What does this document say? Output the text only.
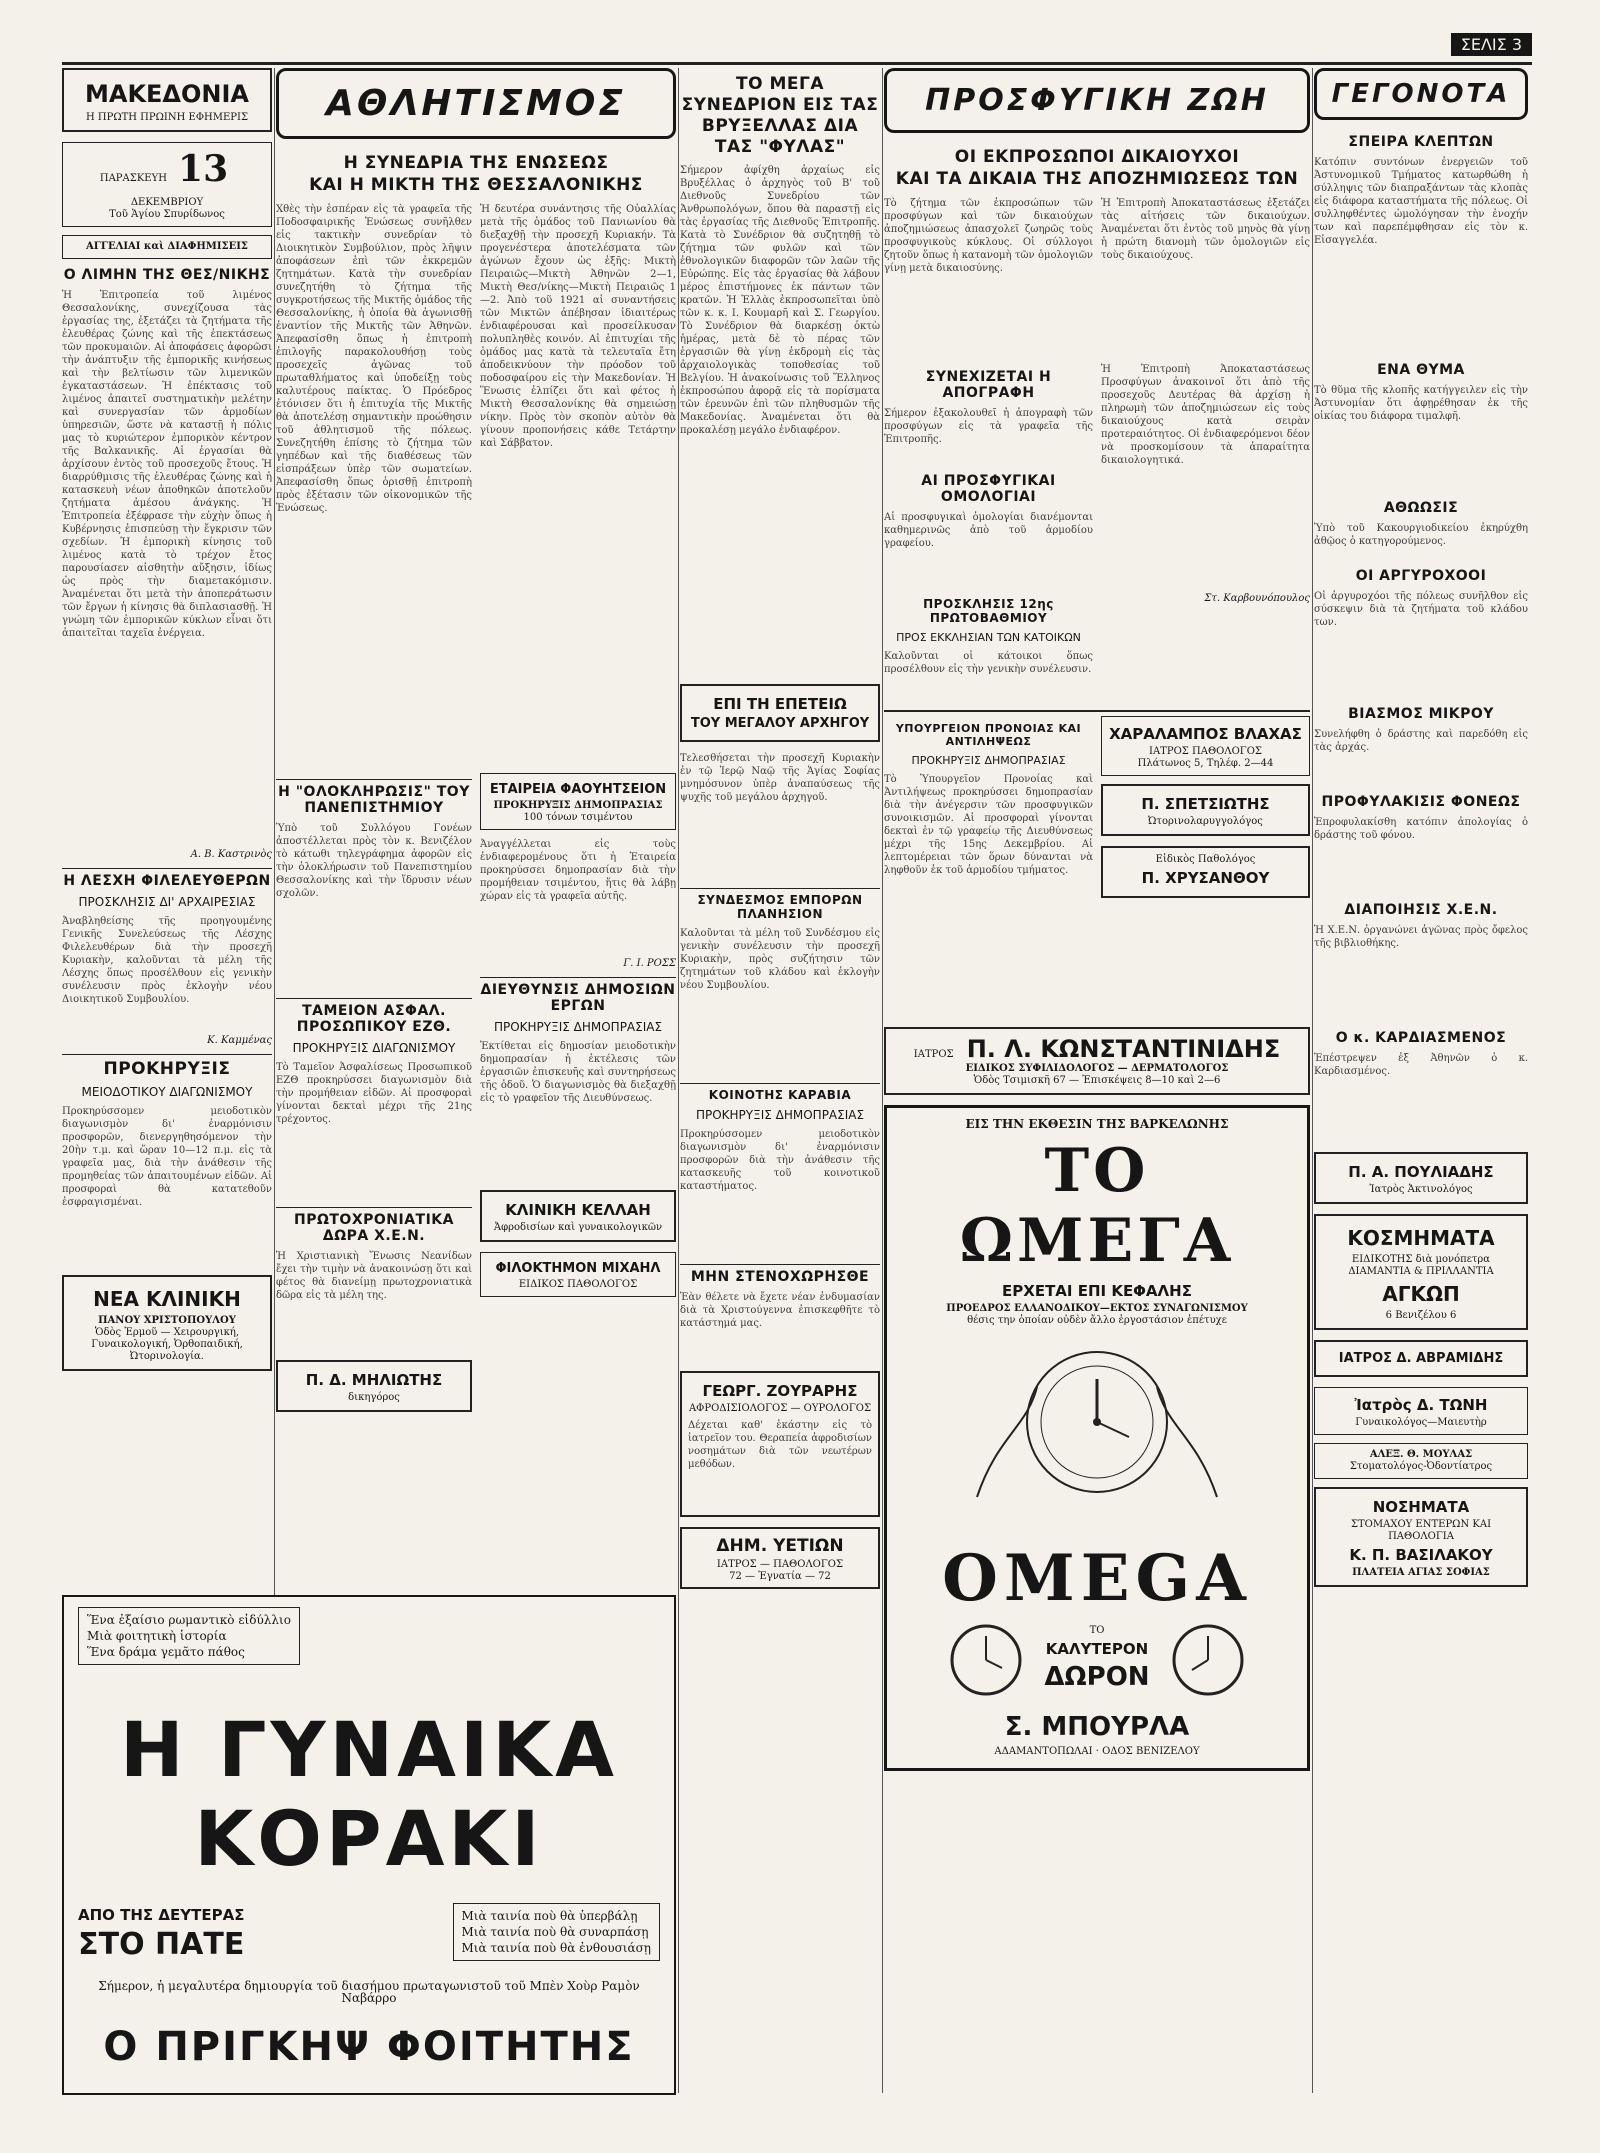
ΣΕΛΙΣ 3
ΜΑΚΕΔΟΝΙΑ
Η ΠΡΩΤΗ ΠΡΩΙΝΗ ΕΦΗΜΕΡΙΣ
ΠΑΡΑΣΚΕΥΗ 13 ΔΕΚΕΜΒΡΙΟΥ
Τοῦ Ἁγίου Σπυρίδωνος
ΑΓΓΕΛΙΑΙ καὶ ΔΙΑΦΗΜΙΣΕΙΣ
Ο ΛΙΜΗΝ ΤΗΣ ΘΕΣ/ΝΙΚΗΣ
Ἡ Ἐπιτροπεία τοῦ λιμένος Θεσσαλονίκης, συνεχίζουσα τὰς ἐργασίας της, ἐξετάζει τὰ ζητήματα τῆς ἐλευθέρας ζώνης καὶ τῆς ἐπεκτάσεως τῶν προκυμαιῶν. Αἱ ἀποφάσεις ἀφορῶσι τὴν ἀνάπτυξιν τῆς ἐμπορικῆς κινήσεως καὶ τὴν βελτίωσιν τῶν λιμενικῶν ἐγκαταστάσεων. Ἡ ἐπέκτασις τοῦ λιμένος ἀπαιτεῖ συστηματικὴν μελέτην καὶ συνεργασίαν τῶν ἁρμοδίων ὑπηρεσιῶν, ὥστε νὰ καταστῇ ἡ πόλις μας τὸ κυριώτερον ἐμπορικὸν κέντρον τῆς Βαλκανικῆς. Αἱ ἐργασίαι θὰ ἀρχίσουν ἐντὸς τοῦ προσεχοῦς ἔτους. Ἡ διαρρύθμισις τῆς ἐλευθέρας ζώνης καὶ ἡ κατασκευὴ νέων ἀποθηκῶν ἀποτελοῦν ζητήματα ἀμέσου ἀνάγκης. Ἡ Ἐπιτροπεία ἐξέφρασε τὴν εὐχὴν ὅπως ἡ Κυβέρνησις ἐπισπεύσῃ τὴν ἔγκρισιν τῶν σχεδίων. Ἡ ἐμπορικὴ κίνησις τοῦ λιμένος κατὰ τὸ τρέχον ἔτος παρουσίασεν αἰσθητὴν αὔξησιν, ἰδίως ὡς πρὸς τὴν διαμετακόμισιν. Ἀναμένεται ὅτι μετὰ τὴν ἀποπεράτωσιν τῶν ἔργων ἡ κίνησις θὰ διπλασιασθῇ. Ἡ γνώμη τῶν ἐμπορικῶν κύκλων εἶναι ὅτι ἀπαιτεῖται ταχεῖα ἐνέργεια.
Α. Β. Καστρινὸς
Η ΛΕΣΧΗ ΦΙΛΕΛΕΥΘΕΡΩΝ
ΠΡΟΣΚΛΗΣΙΣ ΔΙ' ΑΡΧΑΙΡΕΣΙΑΣ
Ἀναβληθείσης τῆς προηγουμένης Γενικῆς Συνελεύσεως τῆς Λέσχης Φιλελευθέρων διὰ τὴν προσεχῆ Κυριακὴν, καλοῦνται τὰ μέλη τῆς Λέσχης ὅπως προσέλθουν εἰς γενικὴν συνέλευσιν πρὸς ἐκλογὴν νέου Διοικητικοῦ Συμβουλίου.
Κ. Καμμένας
ΠΡΟΚΗΡΥΞΙΣ
ΜΕΙΟΔΟΤΙΚΟΥ ΔΙΑΓΩΝΙΣΜΟΥ
Προκηρύσσομεν μειοδοτικὸν διαγωνισμὸν δι' ἐναρμόνισιν προσφορῶν, διενεργηθησόμενον τὴν 20ὴν τ.μ. καὶ ὥραν 10—12 π.μ. εἰς τὰ γραφεῖα μας, διὰ τὴν ἀνάθεσιν τῆς προμηθείας τῶν ἀπαιτουμένων εἰδῶν. Αἱ προσφοραὶ θὰ κατατεθοῦν ἐσφραγισμέναι.
ΝΕΑ ΚΛΙΝΙΚΗ
ΠΑΝΟΥ ΧΡΙΣΤΟΠΟΥΛΟΥ
Ὁδὸς Ἐρμοῦ — Χειρουργική, Γυναικολογική, Ὀρθοπαιδική, Ὠτορινολογία.
ΑΘΛΗΤΙΣΜΟΣ
Η ΣΥΝΕΔΡΙΑ ΤΗΣ ΕΝΩΣΕΩΣ
ΚΑΙ Η ΜΙΚΤΗ ΤΗΣ ΘΕΣΣΑΛΟΝΙΚΗΣ
Χθὲς τὴν ἑσπέραν εἰς τὰ γραφεῖα τῆς Ποδοσφαιρικῆς Ἑνώσεως συνῆλθεν εἰς τακτικὴν συνεδρίαν τὸ Διοικητικὸν Συμβούλιον, πρὸς λῆψιν ἀποφάσεων ἐπὶ τῶν ἐκκρεμῶν ζητημάτων. Κατὰ τὴν συνεδρίαν συνεζητήθη τὸ ζήτημα τῆς συγκροτήσεως τῆς Μικτῆς ὁμάδος τῆς Θεσσαλονίκης, ἡ ὁποία θὰ ἀγωνισθῇ ἐναντίον τῆς Μικτῆς τῶν Ἀθηνῶν. Ἀπεφασίσθη ὅπως ἡ ἐπιτροπὴ ἐπιλογῆς παρακολουθήσῃ τοὺς προσεχεῖς ἀγῶνας τοῦ πρωταθλήματος καὶ ὑποδείξῃ τοὺς καλυτέρους παίκτας. Ὁ Πρόεδρος ἐτόνισεν ὅτι ἡ ἐπιτυχία τῆς Μικτῆς θὰ ἀποτελέσῃ σημαντικὴν προώθησιν τοῦ ἀθλητισμοῦ τῆς πόλεως. Συνεζητήθη ἐπίσης τὸ ζήτημα τῶν γηπέδων καὶ τῆς διαθέσεως τῶν εἰσπράξεων ὑπὲρ τῶν σωματείων. Ἀπεφασίσθη ὅπως ὁρισθῇ ἐπιτροπὴ πρὸς ἐξέτασιν τῶν οἰκονομικῶν τῆς Ἑνώσεως.
Ἡ δευτέρα συνάντησις τῆς Οὐαλλίας μετὰ τῆς ὁμάδος τοῦ Πανιωνίου θὰ διεξαχθῇ τὴν προσεχῆ Κυριακήν. Τὰ προγενέστερα ἀποτελέσματα τῶν ἀγώνων ἔχουν ὡς ἑξῆς: Μικτὴ Πειραιῶς—Μικτὴ Ἀθηνῶν 2—1, Μικτὴ Θεσ/νίκης—Μικτὴ Πειραιῶς 1—2. Ἀπὸ τοῦ 1921 αἱ συναντήσεις τῶν Μικτῶν ἀπέβησαν ἰδιαιτέρως ἐνδιαφέρουσαι καὶ προσείλκυσαν πολυπληθὲς κοινόν. Αἱ ἐπιτυχίαι τῆς ὁμάδος μας κατὰ τὰ τελευταῖα ἔτη ἀποδεικνύουν τὴν πρόοδον τοῦ ποδοσφαίρου εἰς τὴν Μακεδονίαν. Ἡ Ἕνωσις ἐλπίζει ὅτι καὶ φέτος ἡ Μικτὴ Θεσσαλονίκης θὰ σημειώσῃ νίκην. Πρὸς τὸν σκοπὸν αὐτὸν θὰ γίνουν προπονήσεις κάθε Τετάρτην καὶ Σάββατον.
Η "ΟΛΟΚΛΗΡΩΣΙΣ" ΤΟΥ ΠΑΝΕΠΙΣΤΗΜΙΟΥ
Ὑπὸ τοῦ Συλλόγου Γονέων ἀποστέλλεται πρὸς τὸν κ. Βενιζέλον τὸ κάτωθι τηλεγράφημα ἀφορῶν εἰς τὴν ὁλοκλήρωσιν τοῦ Πανεπιστημίου Θεσσαλονίκης καὶ τὴν ἵδρυσιν νέων σχολῶν.
ΤΑΜΕΙΟΝ ΑΣΦΑΛ. ΠΡΟΣΩΠΙΚΟΥ ΕΖΘ.
ΠΡΟΚΗΡΥΞΙΣ ΔΙΑΓΩΝΙΣΜΟΥ
Τὸ Ταμεῖον Ἀσφαλίσεως Προσωπικοῦ ΕΖΘ προκηρύσσει διαγωνισμὸν διὰ τὴν προμήθειαν εἰδῶν. Αἱ προσφοραὶ γίνονται δεκταὶ μέχρι τῆς 21ης τρέχοντος.
ΠΡΩΤΟΧΡΟΝΙΑΤΙΚΑ ΔΩΡΑ Χ.Ε.Ν.
Ἡ Χριστιανικὴ Ἕνωσις Νεανίδων ἔχει τὴν τιμὴν νὰ ἀνακοινώσῃ ὅτι καὶ φέτος θὰ διανείμῃ πρωτοχρονιατικὰ δῶρα εἰς τὰ μέλη της.
Π. Δ. ΜΗΛΙΩΤΗΣ
δικηγόρος
ΕΤΑΙΡΕΙΑ ΦΑΟΥΗΤΣΕΙΟΝ
ΠΡΟΚΗΡΥΞΙΣ ΔΗΜΟΠΡΑΣΙΑΣ
100 τόνων τσιμέντου
Ἀναγγέλλεται εἰς τοὺς ἐνδιαφερομένους ὅτι ἡ Ἑταιρεία προκηρύσσει δημοπρασίαν διὰ τὴν προμήθειαν τσιμέντου, ἥτις θὰ λάβῃ χώραν εἰς τὰ γραφεῖα αὐτῆς.
Γ. Ι. ΡΟΣΣ
ΔΙΕΥΘΥΝΣΙΣ ΔΗΜΟΣΙΩΝ ΕΡΓΩΝ
ΠΡΟΚΗΡΥΞΙΣ ΔΗΜΟΠΡΑΣΙΑΣ
Ἐκτίθεται εἰς δημοσίαν μειοδοτικὴν δημοπρασίαν ἡ ἐκτέλεσις τῶν ἐργασιῶν ἐπισκευῆς καὶ συντηρήσεως τῆς ὁδοῦ. Ὁ διαγωνισμὸς θὰ διεξαχθῇ εἰς τὸ γραφεῖον τῆς Διευθύνσεως.
ΚΛΙΝΙΚΗ ΚΕΛΛΑΗ
Ἀφροδισίων καὶ γυναικολογικῶν
ΦΙΛΟΚΤΗΜΟΝ ΜΙΧΑΗΛ
ΕΙΔΙΚΟΣ ΠΑΘΟΛΟΓΟΣ
ΤΟ ΜΕΓΑ ΣΥΝΕΔΡΙΟΝ ΕΙΣ ΤΑΣ ΒΡΥΞΕΛΛΑΣ ΔΙΑ ΤΑΣ "ΦΥΛΑΣ"
Σήμερον ἀφίχθη ἀρχαίως εἰς Βρυξέλλας ὁ ἀρχηγὸς τοῦ Β' τοῦ Διεθνοῦς Συνεδρίου τῶν Ἀνθρωπολόγων, ὅπου θὰ παραστῇ εἰς τὰς ἐργασίας τῆς Διεθνοῦς Ἐπιτροπῆς. Κατὰ τὸ Συνέδριον θὰ συζητηθῇ τὸ ζήτημα τῶν φυλῶν καὶ τῶν ἐθνολογικῶν διαφορῶν τῶν λαῶν τῆς Εὐρώπης. Εἰς τὰς ἐργασίας θὰ λάβουν μέρος ἐπιστήμονες ἐκ πάντων τῶν κρατῶν. Ἡ Ἑλλὰς ἐκπροσωπεῖται ὑπὸ τῶν κ. κ. Ι. Κουμαρῆ καὶ Σ. Γεωργίου. Τὸ Συνέδριον θὰ διαρκέσῃ ὀκτὼ ἡμέρας, μετὰ δὲ τὸ πέρας τῶν ἐργασιῶν θὰ γίνῃ ἐκδρομὴ εἰς τὰς ἀρχαιολογικὰς τοποθεσίας τοῦ Βελγίου. Ἡ ἀνακοίνωσις τοῦ Ἕλληνος ἐκπροσώπου ἀφορᾷ εἰς τὰ πορίσματα τῶν ἐρευνῶν ἐπὶ τῶν πληθυσμῶν τῆς Μακεδονίας. Ἀναμένεται ὅτι θὰ προκαλέσῃ μεγάλο ἐνδιαφέρον.
ΕΠΙ ΤΗ ΕΠΕΤΕΙΩ
ΤΟΥ ΜΕΓΑΛΟΥ ΑΡΧΗΓΟΥ
Τελεσθήσεται τὴν προσεχῆ Κυριακὴν ἐν τῷ Ἱερῷ Ναῷ τῆς Ἁγίας Σοφίας μνημόσυνον ὑπὲρ ἀναπαύσεως τῆς ψυχῆς τοῦ μεγάλου ἀρχηγοῦ.
ΣΥΝΔΕΣΜΟΣ ΕΜΠΟΡΩΝ ΠΛΑΝΗΣΙΟΝ
Καλοῦνται τὰ μέλη τοῦ Συνδέσμου εἰς γενικὴν συνέλευσιν τὴν προσεχῆ Κυριακὴν, πρὸς συζήτησιν τῶν ζητημάτων τοῦ κλάδου καὶ ἐκλογὴν νέου Συμβουλίου.
ΚΟΙΝΟΤΗΣ ΚΑΡΑΒΙΑ
ΠΡΟΚΗΡΥΞΙΣ ΔΗΜΟΠΡΑΣΙΑΣ
Προκηρύσσομεν μειοδοτικὸν διαγωνισμὸν δι' ἐναρμόνισιν προσφορῶν διὰ τὴν ἀνάθεσιν τῆς κατασκευῆς τοῦ κοινοτικοῦ καταστήματος.
ΜΗΝ ΣΤΕΝΟΧΩΡΗΣΘΕ
Ἐὰν θέλετε νὰ ἔχετε νέαν ἐνδυμασίαν διὰ τὰ Χριστούγεννα ἐπισκεφθῆτε τὸ κατάστημά μας.
ΓΕΩΡΓ. ΖΟΥΡΑΡΗΣ
ΑΦΡΟΔΙΣΙΟΛΟΓΟΣ — ΟΥΡΟΛΟΓΟΣ
Δέχεται καθ' ἑκάστην εἰς τὸ ἰατρεῖον του. Θεραπεία ἀφροδισίων νοσημάτων διὰ τῶν νεωτέρων μεθόδων.
ΔΗΜ. ΥΕΤΙΩΝ
ΙΑΤΡΟΣ — ΠΑΘΟΛΟΓΟΣ
72 — Ἐγνατία — 72
ΠΡΟΣΦΥΓΙΚΗ ΖΩΗ
ΟΙ ΕΚΠΡΟΣΩΠΟΙ ΔΙΚΑΙΟΥΧΟΙ
ΚΑΙ ΤΑ ΔΙΚΑΙΑ ΤΗΣ ΑΠΟΖΗΜΙΩΣΕΩΣ ΤΩΝ
Τὸ ζήτημα τῶν ἐκπροσώπων τῶν προσφύγων καὶ τῶν δικαιούχων ἀποζημιώσεως ἀπασχολεῖ ζωηρῶς τοὺς προσφυγικοὺς κύκλους. Οἱ σύλλογοι ζητοῦν ὅπως ἡ κατανομὴ τῶν ὁμολογιῶν γίνῃ μετὰ δικαιοσύνης.
Ἡ Ἐπιτροπὴ Ἀποκαταστάσεως ἐξετάζει τὰς αἰτήσεις τῶν δικαιούχων. Ἀναμένεται ὅτι ἐντὸς τοῦ μηνὸς θὰ γίνῃ ἡ πρώτη διανομὴ τῶν ὁμολογιῶν εἰς τοὺς δικαιούχους.
ΣΥΝΕΧΙΖΕΤΑΙ Η ΑΠΟΓΡΑΦΗ
Σήμερον ἐξακολουθεῖ ἡ ἀπογραφὴ τῶν προσφύγων εἰς τὰ γραφεῖα τῆς Ἐπιτροπῆς.
ΑΙ ΠΡΟΣΦΥΓΙΚΑΙ ΟΜΟΛΟΓΙΑΙ
Αἱ προσφυγικαὶ ὁμολογίαι διανέμονται καθημερινῶς ἀπὸ τοῦ ἀρμοδίου γραφείου.
ΠΡΟΣΚΛΗΣΙΣ 12ης ΠΡΩΤΟΒΑΘΜΙΟΥ
ΠΡΟΣ ΕΚΚΛΗΣΙΑΝ ΤΩΝ ΚΑΤΟΙΚΩΝ
Καλοῦνται οἱ κάτοικοι ὅπως προσέλθουν εἰς τὴν γενικὴν συνέλευσιν.
Ἡ Ἐπιτροπὴ Ἀποκαταστάσεως Προσφύγων ἀνακοινοῖ ὅτι ἀπὸ τῆς προσεχοῦς Δευτέρας θὰ ἀρχίσῃ ἡ πληρωμὴ τῶν ἀποζημιώσεων εἰς τοὺς δικαιούχους κατὰ σειρὰν προτεραιότητος. Οἱ ἐνδιαφερόμενοι δέον νὰ προσκομίσουν τὰ ἀπαραίτητα δικαιολογητικά.
Στ. Καρβουνόπουλος
ΥΠΟΥΡΓΕΙΟΝ ΠΡΟΝΟΙΑΣ ΚΑΙ ΑΝΤΙΛΗΨΕΩΣ
ΠΡΟΚΗΡΥΞΙΣ ΔΗΜΟΠΡΑΣΙΑΣ
Τὸ Ὑπουργεῖον Προνοίας καὶ Ἀντιλήψεως προκηρύσσει δημοπρασίαν διὰ τὴν ἀνέγερσιν τῶν προσφυγικῶν συνοικισμῶν. Αἱ προσφοραὶ γίνονται δεκταὶ ἐν τῷ γραφείῳ τῆς Διευθύνσεως μέχρι τῆς 15ης Δεκεμβρίου. Αἱ λεπτομέρειαι τῶν ὅρων δύνανται νὰ ληφθοῦν ἐκ τοῦ ἀρμοδίου τμήματος.
ΧΑΡΑΛΑΜΠΟΣ ΒΛΑΧΑΣ
ΙΑΤΡΟΣ ΠΑΘΟΛΟΓΟΣ
Πλάτωνος 5, Τηλέφ. 2—44
Π. ΣΠΕΤΣΙΩΤΗΣ
Ὠτορινολαρυγγολόγος
Εἰδικὸς Παθολόγος
Π. ΧΡΥΣΑΝΘΟΥ
ΙΑΤΡΟΣ Π. Λ. ΚΩΝΣΤΑΝΤΙΝΙΔΗΣ
ΕΙΔΙΚΟΣ ΣΥΦΙΛΙΔΟΛΟΓΟΣ — ΔΕΡΜΑΤΟΛΟΓΟΣ
Ὁδὸς Τσιμισκῆ 67 — Ἐπισκέψεις 8—10 καὶ 2—6
ΕΙΣ ΤΗΝ ΕΚΘΕΣΙΝ ΤΗΣ ΒΑΡΚΕΛΩΝΗΣ
ΤΟ ΩΜΕΓΑ
ΕΡΧΕΤΑΙ ΕΠΙ ΚΕΦΑΛΗΣ
ΠΡΟΕΔΡΟΣ ΕΛΛΑΝΟΔΙΚΟΥ—ΕΚΤΟΣ ΣΥΝΑΓΩΝΙΣΜΟΥ
θέσις την ὁποίαν οὐδὲν ἄλλο ἐργοστάσιον ἐπέτυχε
OMEGA
ΤΟ
ΚΑΛΥΤΕΡΟΝ
ΔΩΡΟΝ
Σ. ΜΠΟΥΡΛΑ
ΑΔΑΜΑΝΤΟΠΩΛΑΙ · ΟΔΟΣ ΒΕΝΙΖΕΛΟΥ
ΓΕΓΟΝΟΤΑ
ΣΠΕΙΡΑ ΚΛΕΠΤΩΝ
Κατόπιν συντόνων ἐνεργειῶν τοῦ Ἀστυνομικοῦ Τμήματος κατωρθώθη ἡ σύλληψις τῶν διαπραξάντων τὰς κλοπὰς εἰς διάφορα καταστήματα τῆς πόλεως. Οἱ συλληφθέντες ὡμολόγησαν τὴν ἐνοχήν των καὶ παρεπέμφθησαν εἰς τὸν κ. Εἰσαγγελέα.
ΕΝΑ ΘΥΜΑ
Τὸ θῦμα τῆς κλοπῆς κατήγγειλεν εἰς τὴν Ἀστυνομίαν ὅτι ἀφῃρέθησαν ἐκ τῆς οἰκίας του διάφορα τιμαλφῆ.
ΑΘΩΩΣΙΣ
Ὑπὸ τοῦ Κακουργιοδικείου ἐκηρύχθη ἀθῷος ὁ κατηγορούμενος.
ΟΙ ΑΡΓΥΡΟΧΟΟΙ
Οἱ ἀργυροχόοι τῆς πόλεως συνῆλθον εἰς σύσκεψιν διὰ τὰ ζητήματα τοῦ κλάδου των.
ΒΙΑΣΜΟΣ ΜΙΚΡΟΥ
Συνελήφθη ὁ δράστης καὶ παρεδόθη εἰς τὰς ἀρχάς.
ΠΡΟΦΥΛΑΚΙΣΙΣ ΦΟΝΕΩΣ
Ἐπροφυλακίσθη κατόπιν ἀπολογίας ὁ δράστης τοῦ φόνου.
ΔΙΑΠΟΙΗΣΙΣ Χ.Ε.Ν.
Ἡ Χ.Ε.Ν. ὀργανώνει ἀγῶνας πρὸς ὄφελος τῆς βιβλιοθήκης.
Ο κ. ΚΑΡΔΙΑΣΜΕΝΟΣ
Ἐπέστρεψεν ἐξ Ἀθηνῶν ὁ κ. Καρδιασμένος.
Π. Α. ΠΟΥΛΙΑΔΗΣ
Ἰατρὸς Ἀκτινολόγος
ΚΟΣΜΗΜΑΤΑ
ΕΙΔΙΚΟΤΗΣ διὰ μονόπετρα ΔΙΑΜΑΝΤΙΑ & ΠΡΙΛΛΑΝΤΙΑ
ΑΓΚΩΠ
6 Βενιζέλου 6
ΙΑΤΡΟΣ Δ. ΑΒΡΑΜΙΔΗΣ
Ἰατρὸς Δ. ΤΩΝΗ
Γυναικολόγος—Μαιευτὴρ
ΑΛΕΞ. Θ. ΜΟΥΛΑΣ
Στοματολόγος-Ὀδοντίατρος
ΝΟΣΗΜΑΤΑ
ΣΤΟΜΑΧΟΥ ΕΝΤΕΡΩΝ ΚΑΙ ΠΑΘΟΛΟΓΙΑ
Κ. Π. ΒΑΣΙΛΑΚΟΥ
ΠΛΑΤΕΙΑ ΑΓΙΑΣ ΣΟΦΙΑΣ
Ἕνα ἐξαίσιο ρωμαντικὸ εἰδύλλιο
Μιὰ φοιτητικὴ ἱστορία
Ἕνα δράμα γεμᾶτο πάθος
Η ΓΥΝΑΙΚΑ ΚΟΡΑΚΙ
ΑΠΟ ΤΗΣ ΔΕΥΤΕΡΑΣ
ΣΤΟ ΠΑΤΕ
Μιὰ ταινία ποὺ θὰ ὑπερβάλῃ
Μιὰ ταινία ποὺ θὰ συναρπάσῃ
Μιὰ ταινία ποὺ θὰ ἐνθουσιάσῃ
Σήμερον, ἡ μεγαλυτέρα δημιουργία τοῦ διασήμου πρωταγωνιστοῦ τοῦ Μπὲν Χοὺρ Ραμὸν Ναβάρρο
Ο ΠΡΙΓΚΗΨ ΦΟΙΤΗΤΗΣ
